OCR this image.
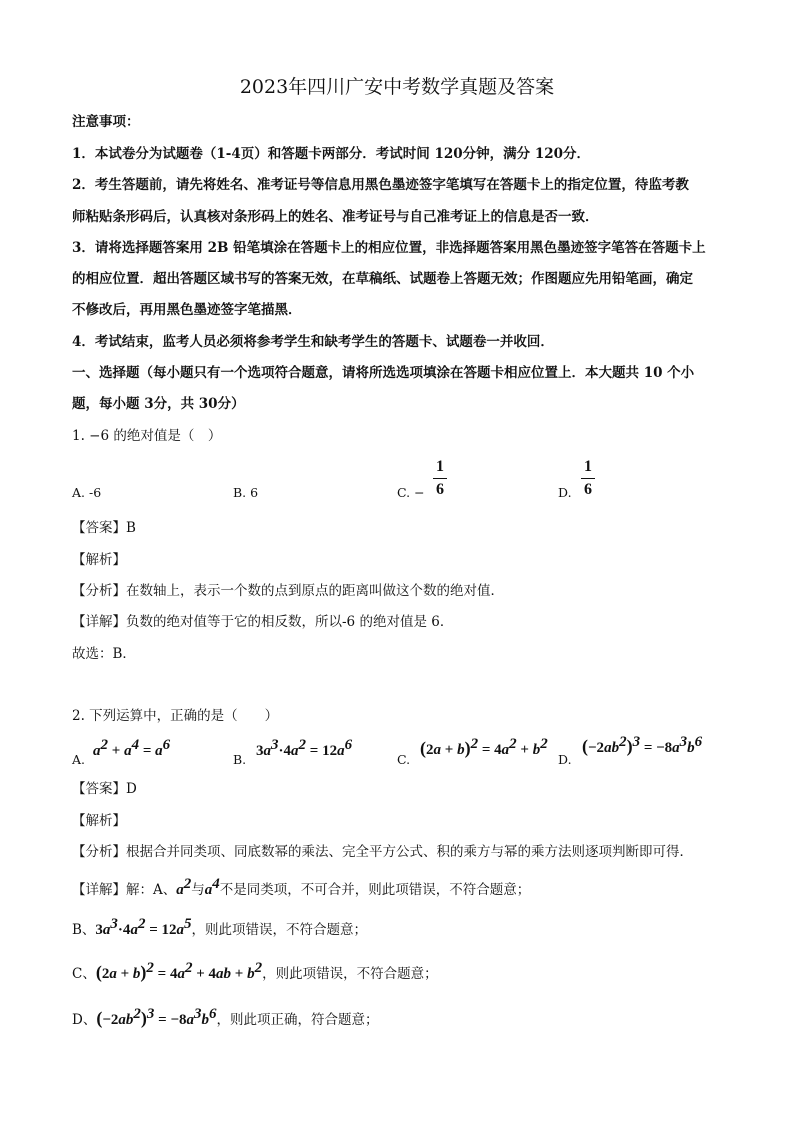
2023年四川广安中考数学真题及答案
注意事项：
1．本试卷分为试题卷（1-4页）和答题卡两部分．考试时间 120分钟，满分 120分．
2．考生答题前，请先将姓名、准考证号等信息用黑色墨迹签字笔填写在答题卡上的指定位置，待监考教
师粘贴条形码后，认真核对条形码上的姓名、准考证号与自己准考证上的信息是否一致．
3．请将选择题答案用 2B 铅笔填涂在答题卡上的相应位置，非选择题答案用黑色墨迹签字笔答在答题卡上
的相应位置．超出答题区域书写的答案无效，在草稿纸、试题卷上答题无效；作图题应先用铅笔画，确定
不修改后，再用黑色墨迹签字笔描黑．
4．考试结束，监考人员必须将参考学生和缺考学生的答题卡、试题卷一并收回．
一、选择题（每小题只有一个选项符合题意，请将所选选项填涂在答题卡相应位置上．本大题共 10 个小
题，每小题 3分，共 30分）
1. −6 的绝对值是（　）
A. -6	B. 6	C. −
1
6	D.
1
6
【答案】B
【解析】
【分析】在数轴上，表示一个数的点到原点的距离叫做这个数的绝对值．
【详解】负数的绝对值等于它的相反数，所以-6 的绝对值是 6．
故选：B．
2. 下列运算中，正确的是（　　）
A.
$a^2 + a^4 = a^6$
B.
$3a^3\cdot 4a^2 = 12a^6$
C.
$(2a + b)^2 = 4a^2 + b^2$
D.
$(-2ab^2)^3 = -8a^3b^6$
【答案】D
【解析】
【分析】根据合并同类项、同底数幂的乘法、完全平方公式、积的乘方与幂的乘方法则逐项判断即可得．
【详解】解：A、$a^2$与$a^4$不是同类项，不可合并，则此项错误，不符合题意；
B、$3a^3\cdot 4a^2 = 12a^5$，则此项错误，不符合题意；
C、$(2a + b)^2 = 4a^2 + 4ab + b^2$，则此项错误，不符合题意；
D、$(-2ab^2)^3 = -8a^3b^6$，则此项正确，符合题意；
